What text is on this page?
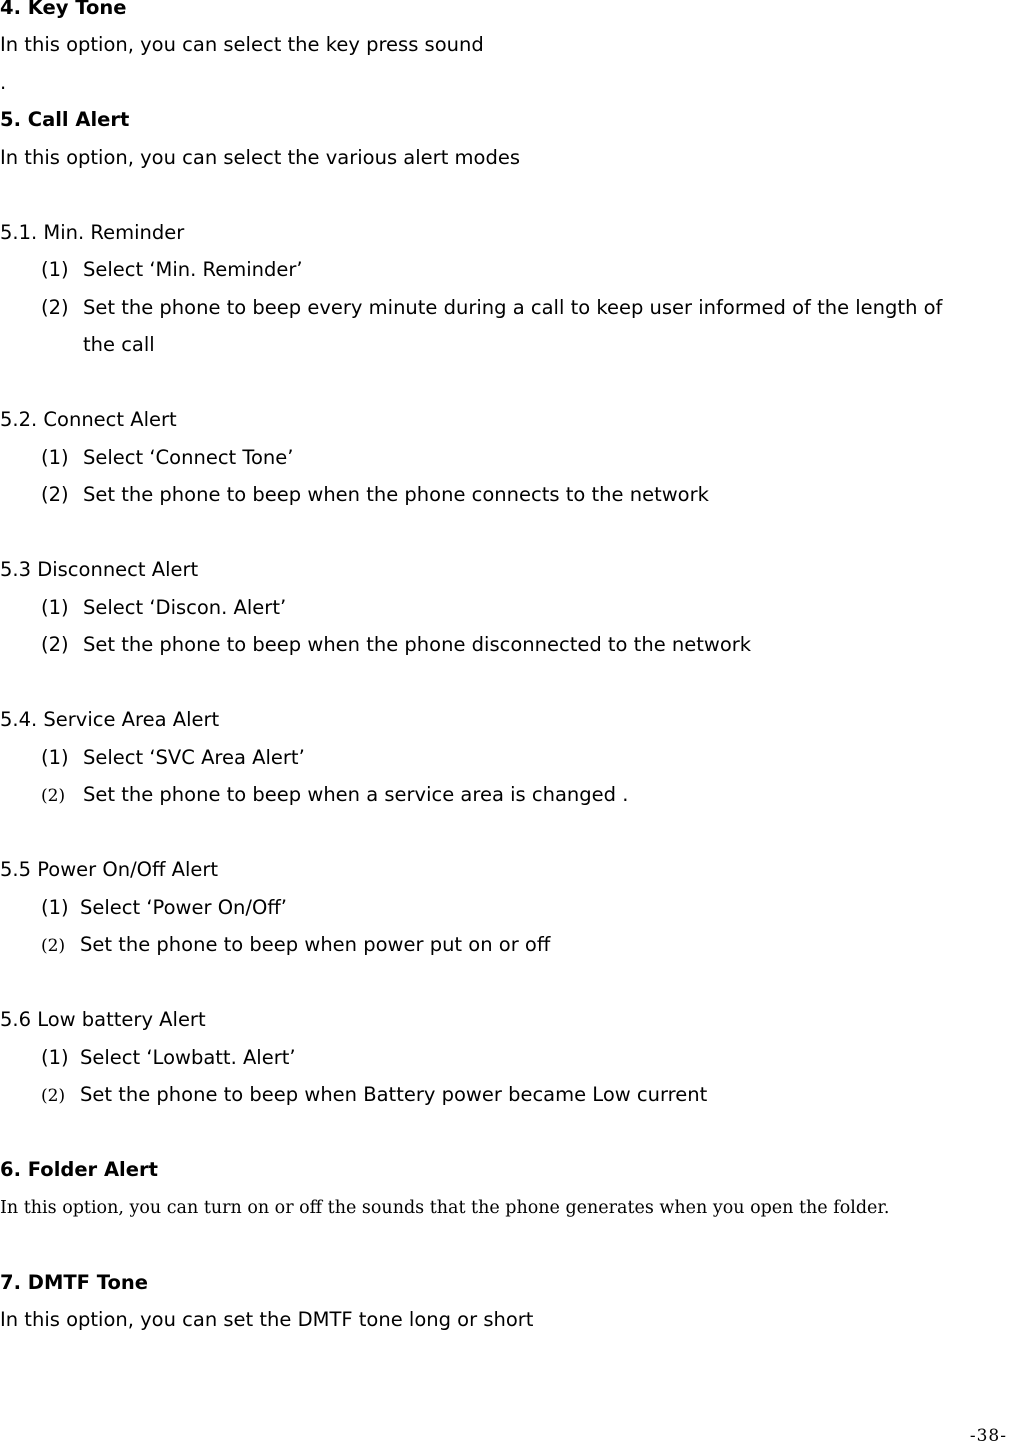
4. Key Tone
In this option, you can select the key press sound
.
5. Call Alert
In this option, you can select the various alert modes
5.1. Min. Reminder
(1) Select ‘Min. Reminder’
(2) Set the phone to beep every minute during a call to keep user informed of the length of
the call
5.2. Connect Alert
(1) Select ‘Connect Tone’
(2) Set the phone to beep when the phone connects to the network
5.3 Disconnect Alert
(1) Select ‘Discon. Alert’
(2) Set the phone to beep when the phone disconnected to the network
5.4. Service Area Alert
(1) Select ‘SVC Area Alert’
(2) Set the phone to beep when a service area is changed .
5.5 Power On/Off Alert
(1) Select ‘Power On/Off’
(2) Set the phone to beep when power put on or off
5.6 Low battery Alert
(1) Select ‘Lowbatt. Alert’
(2) Set the phone to beep when Battery power became Low current
6. Folder Alert
In this option, you can turn on or off the sounds that the phone generates when you open the folder.
7. DMTF Tone
In this option, you can set the DMTF tone long or short
-38-
